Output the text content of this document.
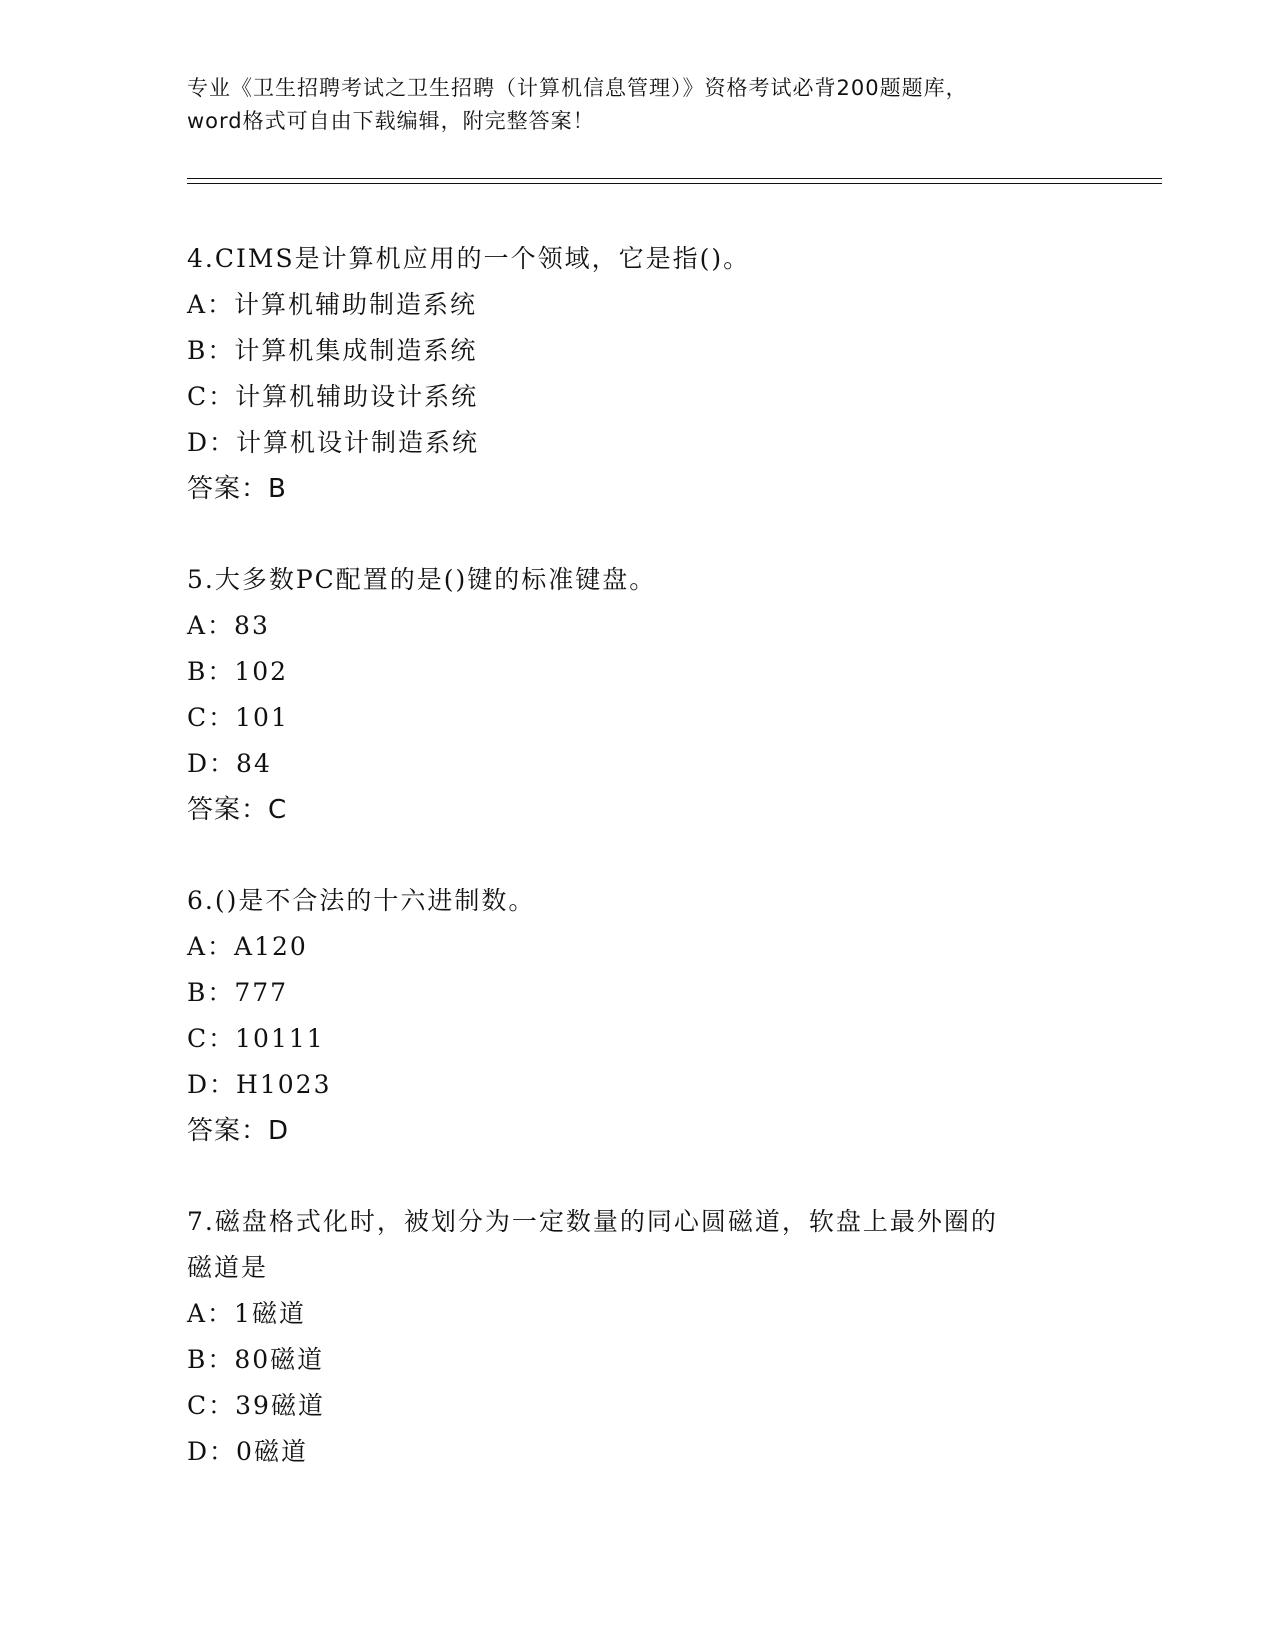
专业《卫生招聘考试之卫生招聘（计算机信息管理）》资格考试必背200题题库，
word格式可自由下载编辑，附完整答案！
4.CIMS是计算机应用的一个领域，它是指()。
A：计算机辅助制造系统
B：计算机集成制造系统
C：计算机辅助设计系统
D：计算机设计制造系统
答案：B
5.大多数PC配置的是()键的标准键盘。
A：83
B：102
C：101
D：84
答案：C
6.()是不合法的十六进制数。
A：A120
B：777
C：10111
D：H1023
答案：D
7.磁盘格式化时，被划分为一定数量的同心圆磁道，软盘上最外圈的
磁道是
A：1磁道
B：80磁道
C：39磁道
D：0磁道
